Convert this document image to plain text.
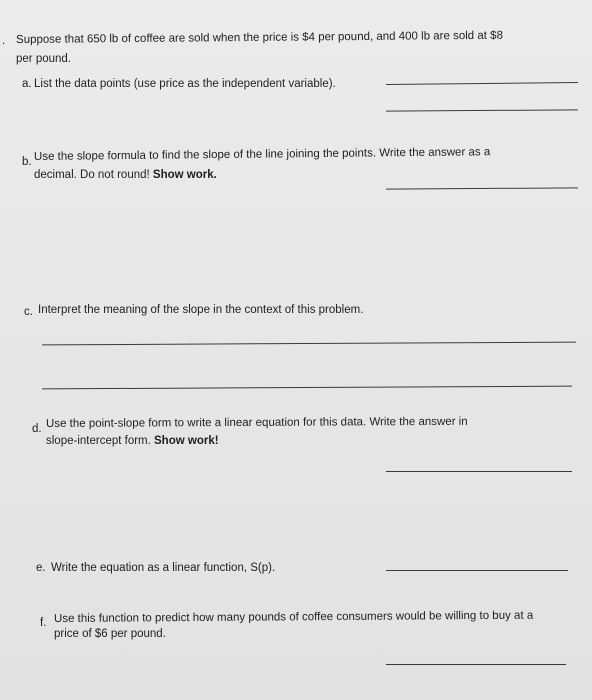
. Suppose that 650 lb of coffee are sold when the price is $4 per pound, and 400 lb are sold at $8
per pound.
a. List the data points (use price as the independent variable).
b. Use the slope formula to find the slope of the line joining the points. Write the answer as a
decimal. Do not round! Show work.
c. Interpret the meaning of the slope in the context of this problem.
d. Use the point-slope form to write a linear equation for this data. Write the answer in
slope-intercept form. Show work!
e. Write the equation as a linear function, S(p).
f. Use this function to predict how many pounds of coffee consumers would be willing to buy at a
price of $6 per pound.
